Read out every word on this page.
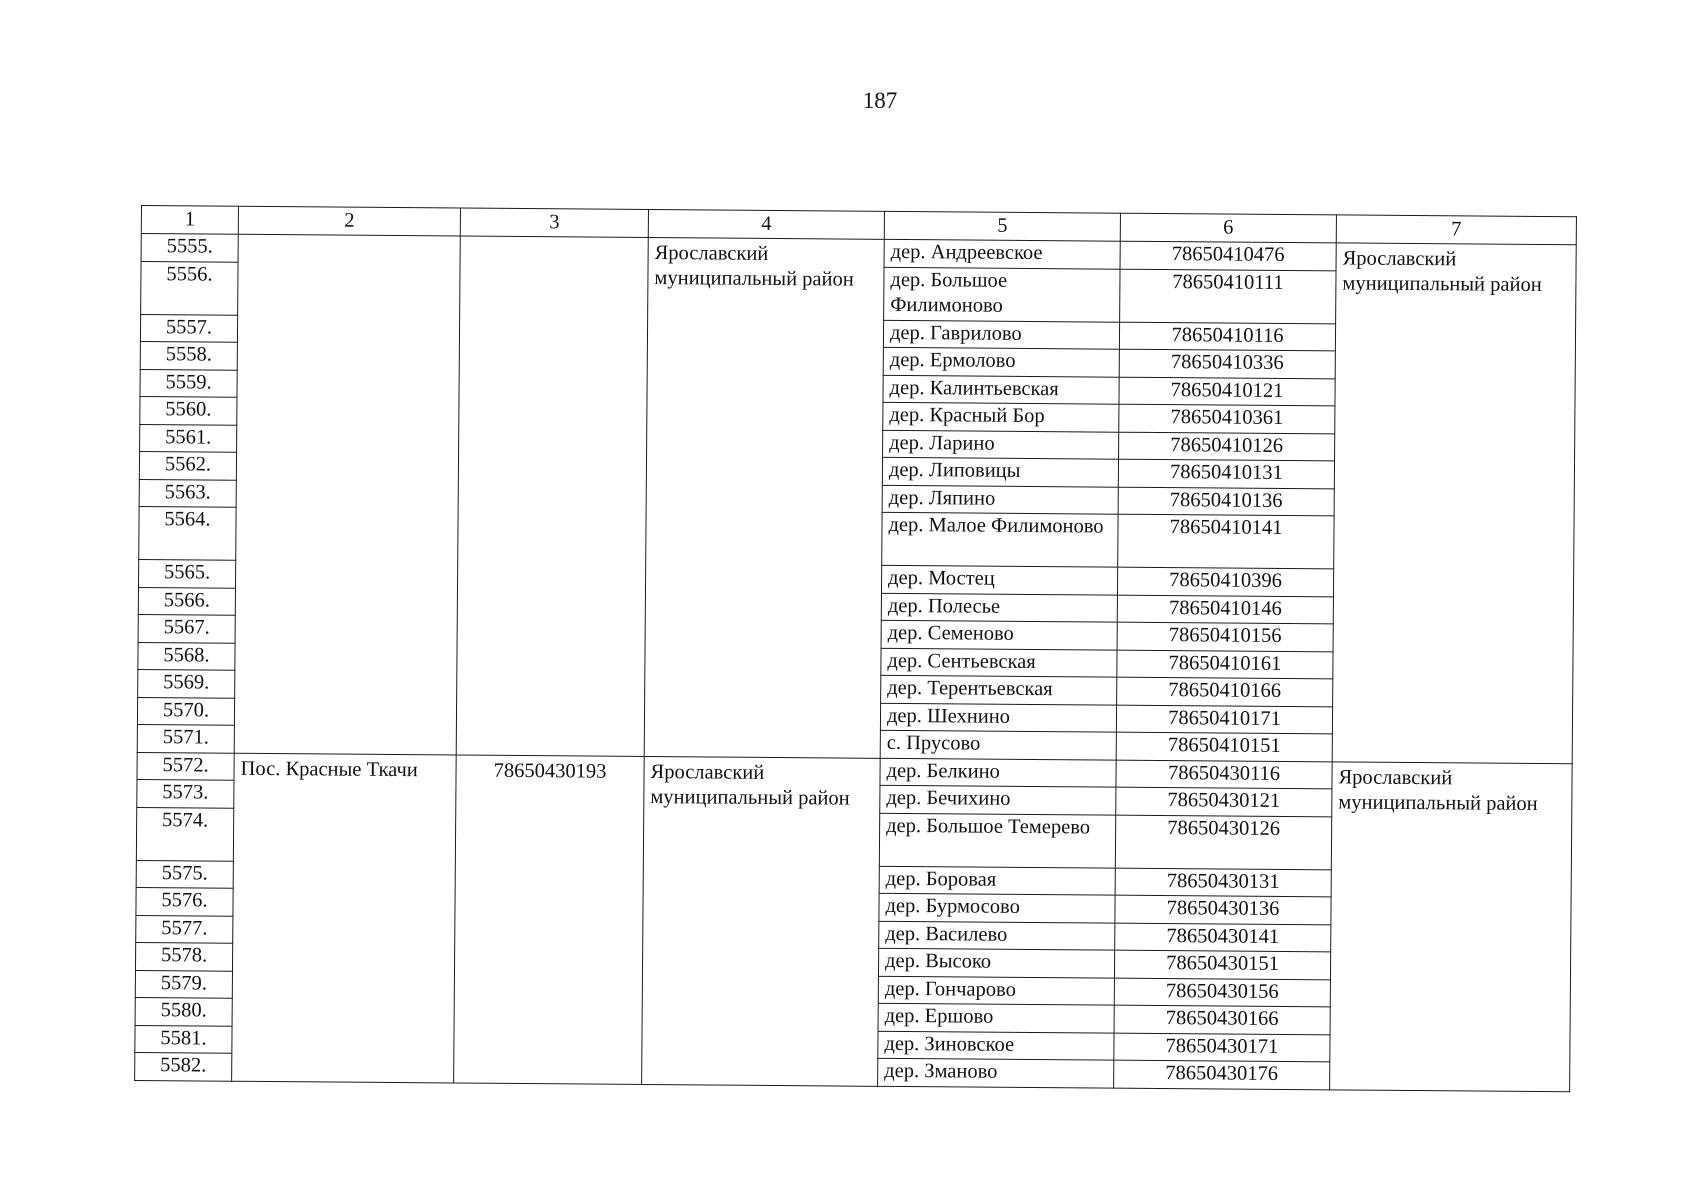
187
1	2	3	4	5	6	7
5555.			Ярославский муниципальный район	дер. Андреевское	78650410476	Ярославский муниципальный район
5556.				дер. Большое Филимоново	78650410111	
5557.				дер. Гаврилово	78650410116	
5558.				дер. Ермолово	78650410336	
5559.				дер. Калинтьевская	78650410121	
5560.				дер. Красный Бор	78650410361	
5561.				дер. Ларино	78650410126	
5562.				дер. Липовицы	78650410131	
5563.				дер. Ляпино	78650410136	
5564.				дер. Малое Филимоново	78650410141	
5565.				дер. Мостец	78650410396	
5566.				дер. Полесье	78650410146	
5567.				дер. Семеново	78650410156	
5568.				дер. Сентьевская	78650410161	
5569.				дер. Терентьевская	78650410166	
5570.				дер. Шехнино	78650410171	
5571.				с. Прусово	78650410151	
5572.	Пос. Красные Ткачи	78650430193	Ярославский муниципальный район	дер. Белкино	78650430116	Ярославский муниципальный район
5573.				дер. Бечихино	78650430121	
5574.				дер. Большое Темерево	78650430126	
5575.				дер. Боровая	78650430131	
5576.				дер. Бурмосово	78650430136	
5577.				дер. Василево	78650430141	
5578.				дер. Высоко	78650430151	
5579.				дер. Гончарово	78650430156	
5580.				дер. Ершово	78650430166	
5581.				дер. Зиновское	78650430171	
5582.				дер. Зманово	78650430176	
